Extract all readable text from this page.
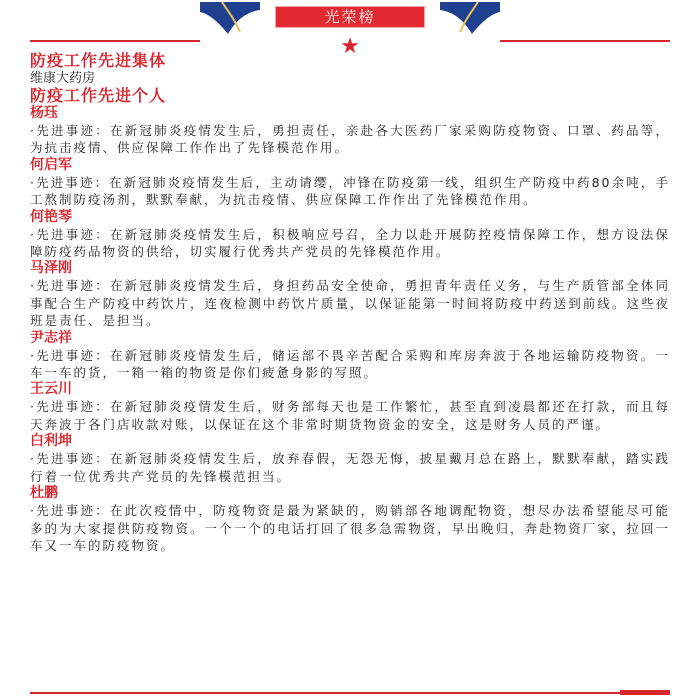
光荣榜
★
防疫工作先进集体
维康大药房
防疫工作先进个人
杨珏

·先进事迹：在新冠肺炎疫情发生后，勇担责任，亲赴各大医药厂家采购防疫物资、口罩、药品等，为抗击疫情、供应保障工作作出了先锋模范作用。

何启军

·先进事迹：在新冠肺炎疫情发生后，主动请缨，冲锋在防疫第一线，组织生产防疫中药80余吨，手工熬制防疫汤剂，默默奉献，为抗击疫情、供应保障工作作出了先锋模范作用。

何艳琴

·先进事迹：在新冠肺炎疫情发生后，积极响应号召，全力以赴开展防控疫情保障工作，想方设法保障防疫药品物资的供给，切实履行优秀共产党员的先锋模范作用。

马泽刚

·先进事迹：在新冠肺炎疫情发生后，身担药品安全使命，勇担青年责任义务，与生产质管部全体同事配合生产防疫中药饮片，连夜检测中药饮片质量，以保证能第一时间将防疫中药送到前线。这些夜班是责任、是担当。

尹志祥

·先进事迹：在新冠肺炎疫情发生后，储运部不畏辛苦配合采购和库房奔波于各地运输防疫物资。一车一车的货，一箱一箱的物资是你们疲惫身影的写照。

王云川

·先进事迹：在新冠肺炎疫情发生后，财务部每天也是工作繁忙，甚至直到凌晨都还在打款，而且每天奔波于各门店收款对账，以保证在这个非常时期货物资金的安全，这是财务人员的严谨。

白利坤

·先进事迹：在新冠肺炎疫情发生后，放弃春假，无怨无悔，披星戴月总在路上，默默奉献，踏实践行着一位优秀共产党员的先锋模范担当。

杜鹏

·先进事迹：在此次疫情中，防疫物资是最为紧缺的，购销部各地调配物资，想尽办法希望能尽可能多的为大家提供防疫物资。一个一个的电话打回了很多急需物资，早出晚归，奔赴物资厂家，拉回一车又一车的防疫物资。
